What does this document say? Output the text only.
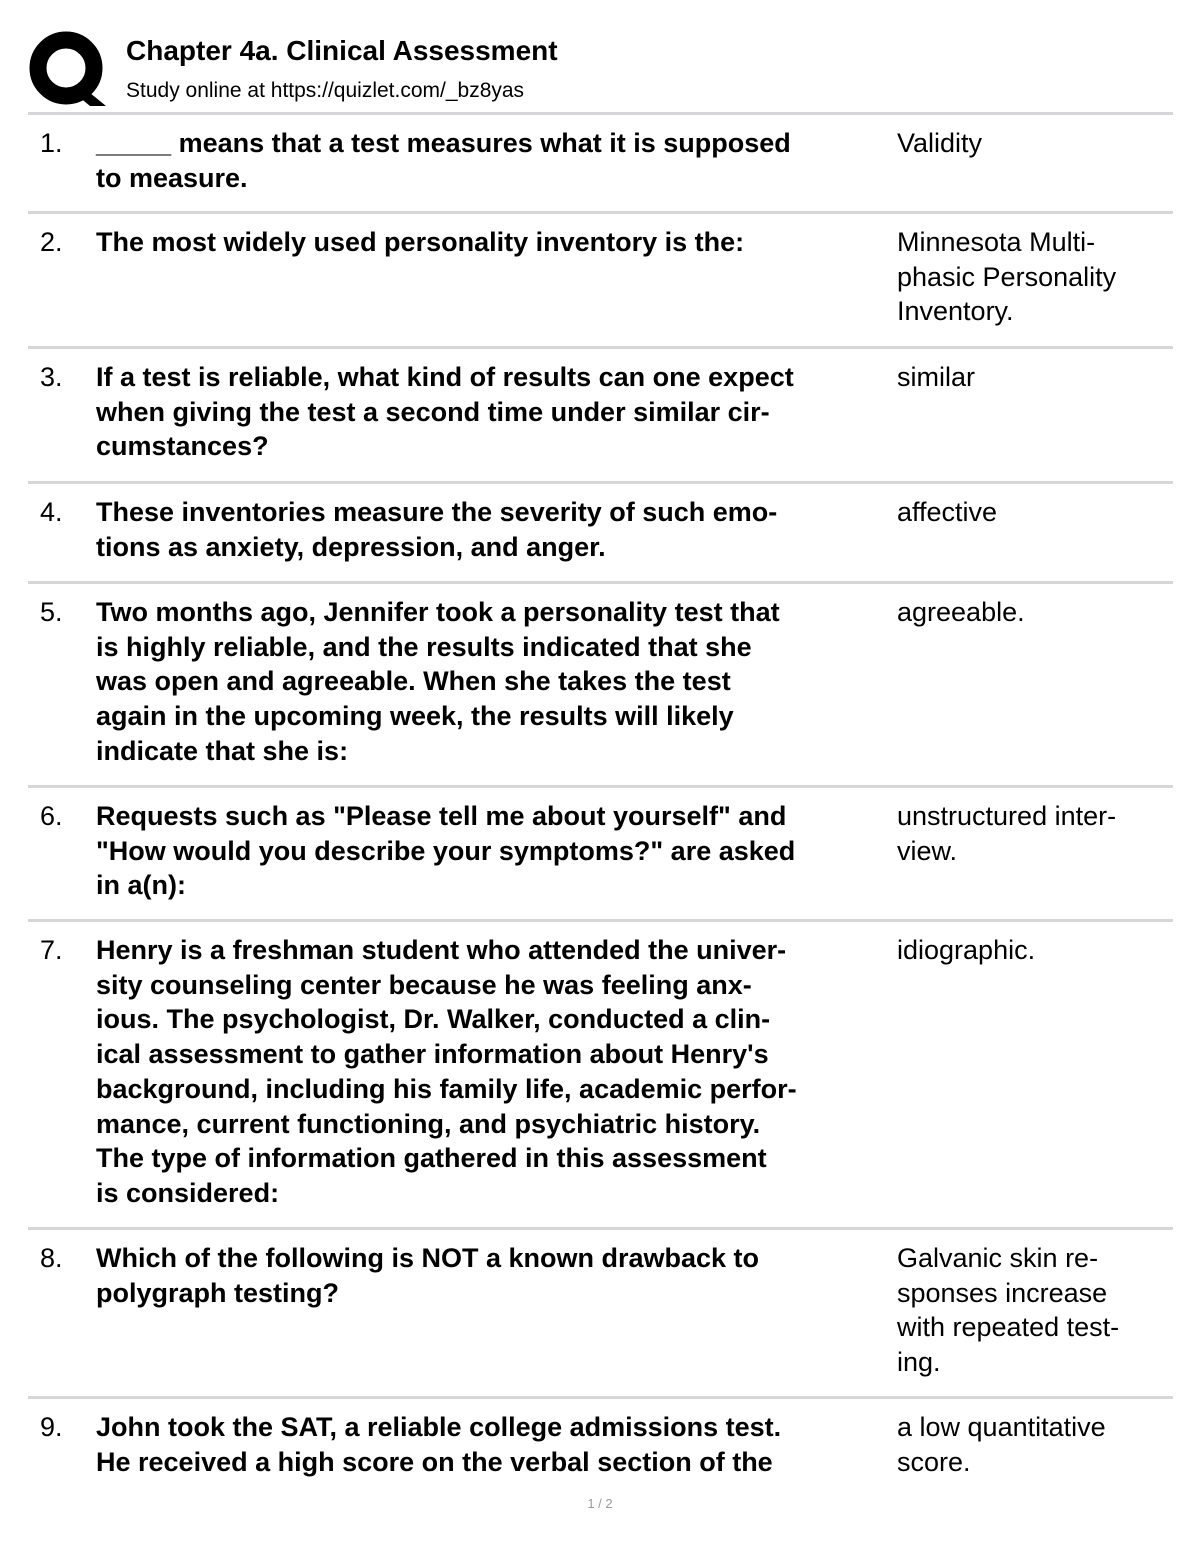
Chapter 4a. Clinical Assessment
Study online at https://quizlet.com/_bz8yas
1. _____ means that a test measures what it is supposed
to measure.
Validity
2. The most widely used personality inventory is the:	Minnesota Multi-
phasic Personality
Inventory.
3. If a test is reliable, what kind of results can one expect
when giving the test a second time under similar cir-
cumstances?
similar
4. These inventories measure the severity of such emo-
tions as anxiety, depression, and anger.
affective
5. Two months ago, Jennifer took a personality test that
is highly reliable, and the results indicated that she
was open and agreeable. When she takes the test
again in the upcoming week, the results will likely
indicate that she is:
agreeable.
6. Requests such as "Please tell me about yourself" and
"How would you describe your symptoms?" are asked
in a(n):
unstructured inter-
view.
7. Henry is a freshman student who attended the univer-
sity counseling center because he was feeling anx-
ious. The psychologist, Dr. Walker, conducted a clin-
ical assessment to gather information about Henry's
background, including his family life, academic perfor-
mance, current functioning, and psychiatric history.
The type of information gathered in this assessment
is considered:
idiographic.
8. Which of the following is NOT a known drawback to
polygraph testing?
Galvanic skin re-
sponses increase
with repeated test-
ing.
9. John took the SAT, a reliable college admissions test.
He received a high score on the verbal section of the
a low quantitative
score.
1 / 2
